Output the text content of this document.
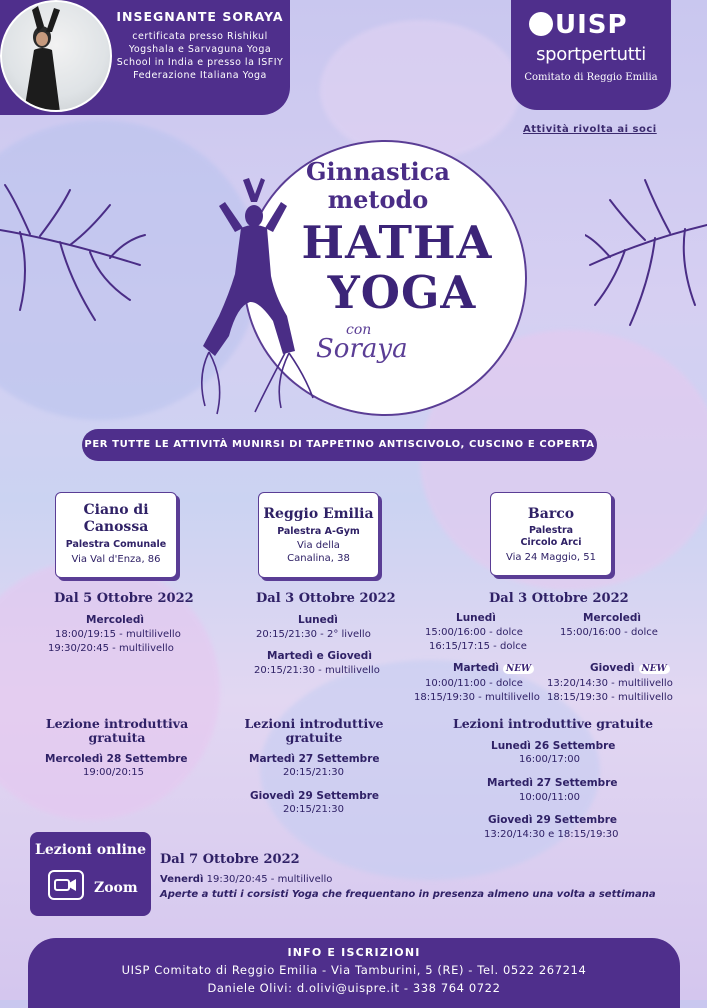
INSEGNANTE SORAYA
certificata presso Rishikul Yogshala e Sarvaguna Yoga School in India e presso la ISFIY Federazione Italiana Yoga
UISP
sportpertutti
Comitato di Reggio Emilia
Attività rivolta ai soci
Ginnastica
metodo
HATHA
YOGA
con
Soraya
PER TUTTE LE ATTIVITÀ MUNIRSI DI TAPPETINO ANTISCIVOLO, CUSCINO E COPERTA
Ciano di Canossa
Palestra Comunale
Via Val d'Enza, 86
Reggio Emilia
Palestra A-Gym
Via della Canalina, 38
Barco
Palestra Circolo Arci
Via 24 Maggio, 51
Dal 5 Ottobre 2022
Mercoledì
18:00/19:15 - multilivello
19:30/20:45 - multilivello
Dal 3 Ottobre 2022
Lunedì
20:15/21:30 - 2° livello
Martedì e Giovedì
20:15/21:30 - multilivello
Dal 3 Ottobre 2022
Lunedì
15:00/16:00 - dolce
16:15/17:15 - dolce
Mercoledì
15:00/16:00 - dolce
Martedì NEW
10:00/11:00 - dolce
18:15/19:30 - multilivello
Giovedì NEW
13:20/14:30 - multilivello
18:15/19:30 - multilivello
Lezione introduttiva gratuita
Mercoledì 28 Settembre
19:00/20:15
Lezioni introduttive gratuite
Martedì 27 Settembre
20:15/21:30
Giovedì 29 Settembre
20:15/21:30
Lezioni introduttive gratuite
Lunedì 26 Settembre
16:00/17:00
Martedì 27 Settembre
10:00/11:00
Giovedì 29 Settembre
13:20/14:30 e 18:15/19:30
Lezioni online
Zoom
Dal 7 Ottobre 2022
Venerdì 19:30/20:45 - multilivello
Aperte a tutti i corsisti Yoga che frequentano in presenza almeno una volta a settimana
INFO E ISCRIZIONI
UISP Comitato di Reggio Emilia - Via Tamburini, 5 (RE) - Tel. 0522 267214
Daniele Olivi: d.olivi@uispre.it - 338 764 0722
